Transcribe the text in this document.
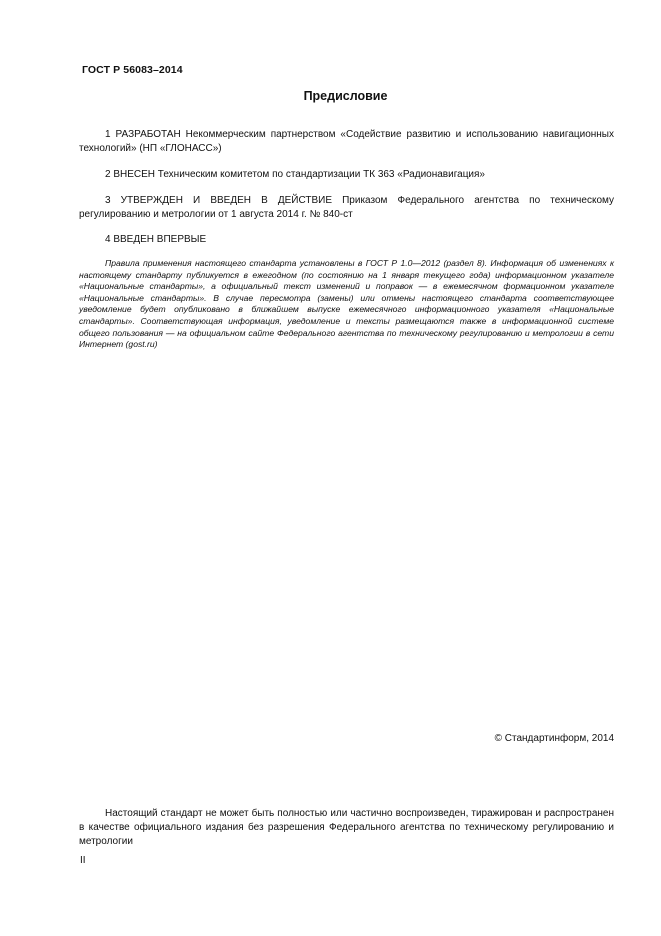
ГОСТ Р 56083–2014
Предисловие
1 РАЗРАБОТАН Некоммерческим партнерством «Содействие развитию и использованию навигационных технологий» (НП «ГЛОНАСС»)
2 ВНЕСЕН Техническим комитетом по стандартизации ТК 363 «Радионавигация»
3 УТВЕРЖДЕН И ВВЕДЕН В ДЕЙСТВИЕ Приказом Федерального агентства по техническому регулированию и метрологии от 1 августа 2014 г. № 840-ст
4 ВВЕДЕН ВПЕРВЫЕ
Правила применения настоящего стандарта установлены в ГОСТ Р 1.0—2012 (раздел 8). Информация об изменениях к настоящему стандарту публикуется в ежегодном (по состоянию на 1 января текущего года) информационном указателе «Национальные стандарты», а официальный текст изменений и поправок — в ежемесячном формационном указателе «Национальные стандарты». В случае пересмотра (замены) или отмены настоящего стандарта соответствующее уведомление будет опубликовано в ближайшем выпуске ежемесячного информационного указателя «Национальные стандарты». Соответствующая информация, уведомление и тексты размещаются также в информационной системе общего пользования — на официальном сайте Федерального агентства по техническому регулированию и метрологии в сети Интернет (gost.ru)
© Стандартинформ, 2014
Настоящий стандарт не может быть полностью или частично воспроизведен, тиражирован и распространен в качестве официального издания без разрешения Федерального агентства по техническому регулированию и метрологии
II
